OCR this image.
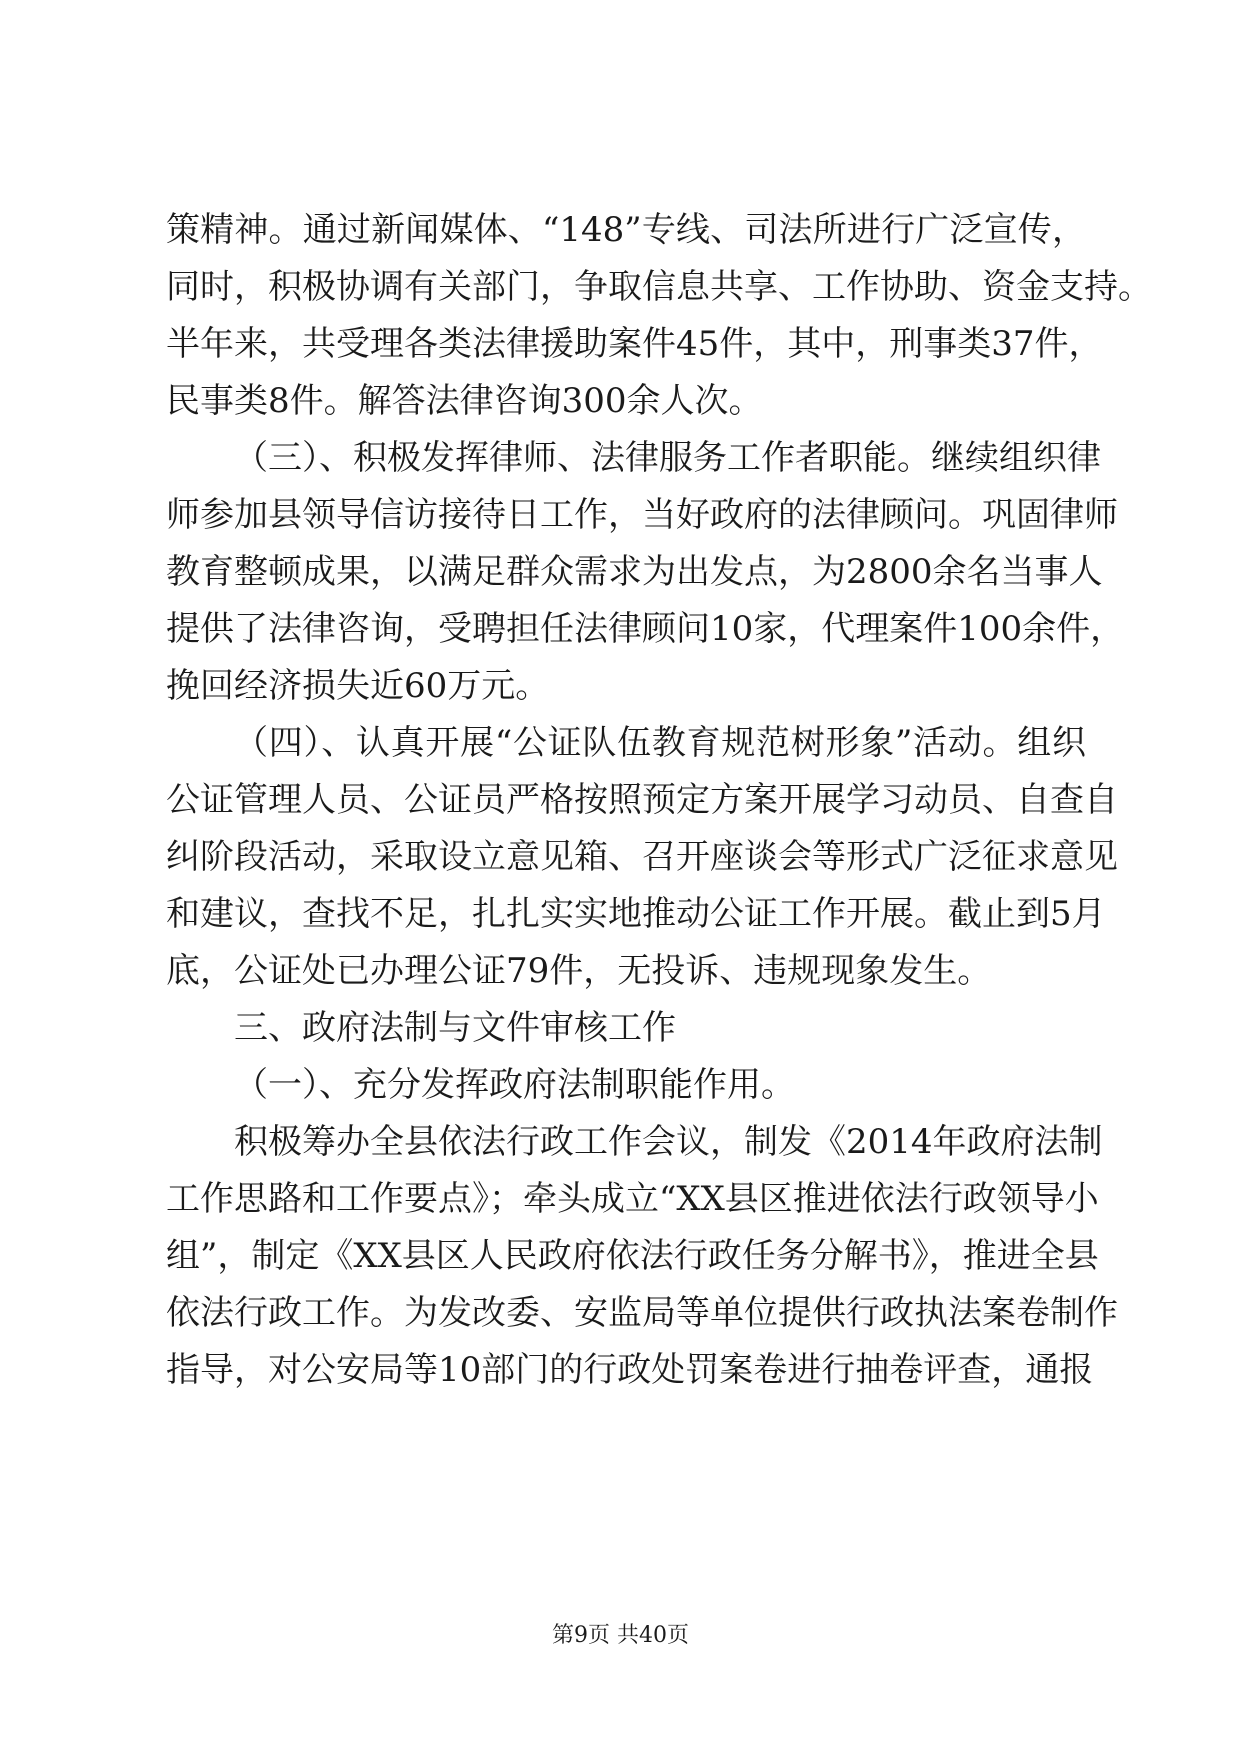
策精神。通过新闻媒体、“148”专线、司法所进行广泛宣传，
同时，积极协调有关部门，争取信息共享、工作协助、资金支持。
半年来，共受理各类法律援助案件45件，其中，刑事类37件，
民事类8件。解答法律咨询300余人次。
（三）、积极发挥律师、法律服务工作者职能。继续组织律
师参加县领导信访接待日工作，当好政府的法律顾问。巩固律师
教育整顿成果，以满足群众需求为出发点，为2800余名当事人
提供了法律咨询，受聘担任法律顾问10家，代理案件100余件，
挽回经济损失近60万元。
（四）、认真开展“公证队伍教育规范树形象”活动。组织
公证管理人员、公证员严格按照预定方案开展学习动员、自查自
纠阶段活动，采取设立意见箱、召开座谈会等形式广泛征求意见
和建议，查找不足，扎扎实实地推动公证工作开展。截止到5月
底，公证处已办理公证79件，无投诉、违规现象发生。
三、政府法制与文件审核工作
（一）、充分发挥政府法制职能作用。
积极筹办全县依法行政工作会议，制发《2014年政府法制
工作思路和工作要点》；牵头成立“XX县区推进依法行政领导小
组”，制定《XX县区人民政府依法行政任务分解书》，推进全县
依法行政工作。为发改委、安监局等单位提供行政执法案卷制作
指导，对公安局等10部门的行政处罚案卷进行抽卷评查，通报
第9页 共40页
